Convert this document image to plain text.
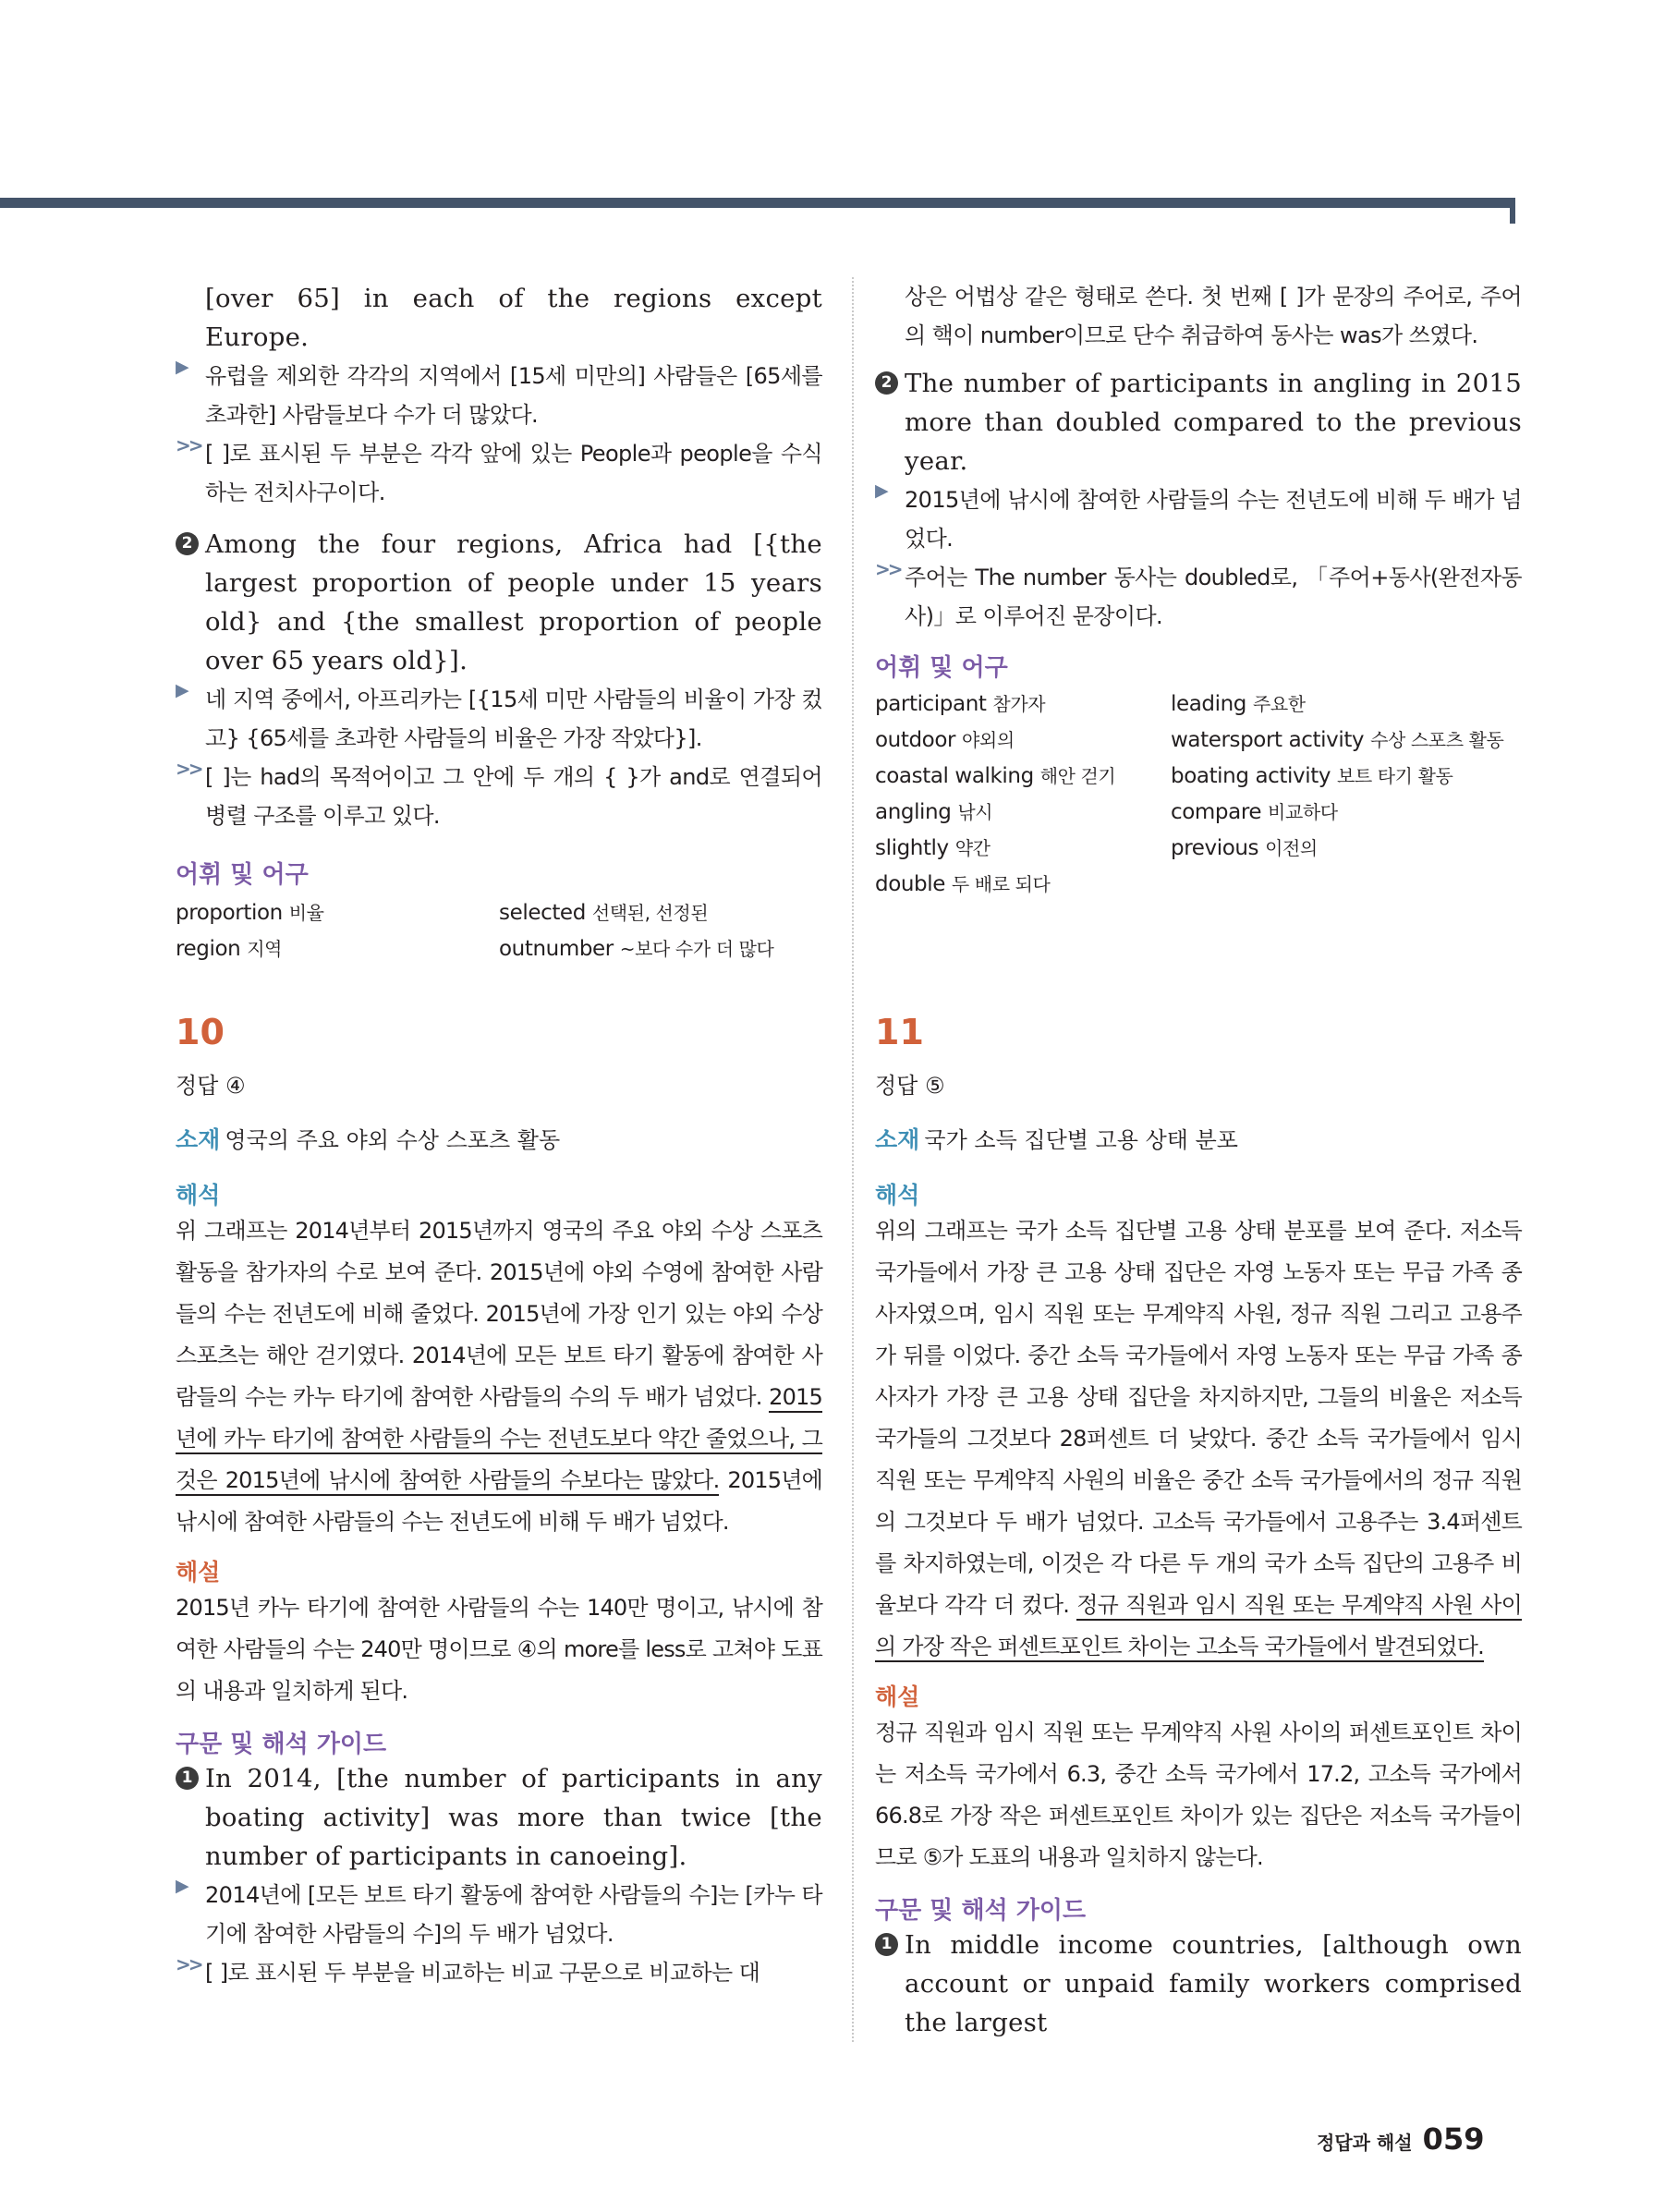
[over 65] in each of the regions except Europe.

▶ 유럽을 제외한 각각의 지역에서 [15세 미만의] 사람들은 [65세를 초과한] 사람들보다 수가 더 많았다.

>> [ ]로 표시된 두 부분은 각각 앞에 있는 People과 people을 수식하는 전치사구이다.

2 Among the four regions, Africa had [{the largest proportion of people under 15 years old} and {the smallest proportion of people over 65 years old}].

▶ 네 지역 중에서, 아프리카는 [{15세 미만 사람들의 비율이 가장 컸고} {65세를 초과한 사람들의 비율은 가장 작았다}].

>> [ ]는 had의 목적어이고 그 안에 두 개의 { }가 and로 연결되어 병렬 구조를 이루고 있다.

어휘 및 어구

proportion 비율	selected 선택된, 선정된
region 지역	outnumber ~보다 수가 더 많다

10

정답 ④

소재 영국의 주요 야외 수상 스포츠 활동

해석

위 그래프는 2014년부터 2015년까지 영국의 주요 야외 수상 스포츠 활동을 참가자의 수로 보여 준다. 2015년에 야외 수영에 참여한 사람들의 수는 전년도에 비해 줄었다. 2015년에 가장 인기 있는 야외 수상 스포츠는 해안 걷기였다. 2014년에 모든 보트 타기 활동에 참여한 사람들의 수는 카누 타기에 참여한 사람들의 수의 두 배가 넘었다. 2015년에 카누 타기에 참여한 사람들의 수는 전년도보다 약간 줄었으나, 그것은 2015년에 낚시에 참여한 사람들의 수보다는 많았다. 2015년에 낚시에 참여한 사람들의 수는 전년도에 비해 두 배가 넘었다.

해설

2015년 카누 타기에 참여한 사람들의 수는 140만 명이고, 낚시에 참여한 사람들의 수는 240만 명이므로 ④의 more를 less로 고쳐야 도표의 내용과 일치하게 된다.

구문 및 해석 가이드

1 In 2014, [the number of participants in any boating activity] was more than twice [the number of participants in canoeing].

▶ 2014년에 [모든 보트 타기 활동에 참여한 사람들의 수]는 [카누 타기에 참여한 사람들의 수]의 두 배가 넘었다.

>> [ ]로 표시된 두 부분을 비교하는 비교 구문으로 비교하는 대

상은 어법상 같은 형태로 쓴다. 첫 번째 [ ]가 문장의 주어로, 주어의 핵이 number이므로 단수 취급하여 동사는 was가 쓰였다.

2 The number of participants in angling in 2015 more than doubled compared to the previous year.

▶ 2015년에 낚시에 참여한 사람들의 수는 전년도에 비해 두 배가 넘었다.

>> 주어는 The number 동사는 doubled로, 「주어+동사(완전자동사)」로 이루어진 문장이다.

어휘 및 어구

participant 참가자	leading 주요한
outdoor 야외의	watersport activity 수상 스포츠 활동
coastal walking 해안 걷기	boating activity 보트 타기 활동
angling 낚시	compare 비교하다
slightly 약간	previous 이전의
double 두 배로 되다

11

정답 ⑤

소재 국가 소득 집단별 고용 상태 분포

해석

위의 그래프는 국가 소득 집단별 고용 상태 분포를 보여 준다. 저소득 국가들에서 가장 큰 고용 상태 집단은 자영 노동자 또는 무급 가족 종사자였으며, 임시 직원 또는 무계약직 사원, 정규 직원 그리고 고용주가 뒤를 이었다. 중간 소득 국가들에서 자영 노동자 또는 무급 가족 종사자가 가장 큰 고용 상태 집단을 차지하지만, 그들의 비율은 저소득 국가들의 그것보다 28퍼센트 더 낮았다. 중간 소득 국가들에서 임시 직원 또는 무계약직 사원의 비율은 중간 소득 국가들에서의 정규 직원의 그것보다 두 배가 넘었다. 고소득 국가들에서 고용주는 3.4퍼센트를 차지하였는데, 이것은 각 다른 두 개의 국가 소득 집단의 고용주 비율보다 각각 더 컸다. 정규 직원과 임시 직원 또는 무계약직 사원 사이의 가장 작은 퍼센트포인트 차이는 고소득 국가들에서 발견되었다.

해설

정규 직원과 임시 직원 또는 무계약직 사원 사이의 퍼센트포인트 차이는 저소득 국가에서 6.3, 중간 소득 국가에서 17.2, 고소득 국가에서 66.8로 가장 작은 퍼센트포인트 차이가 있는 집단은 저소득 국가들이므로 ⑤가 도표의 내용과 일치하지 않는다.

구문 및 해석 가이드

1 In middle income countries, [although own account or unpaid family workers comprised the largest

정답과 해설 059
